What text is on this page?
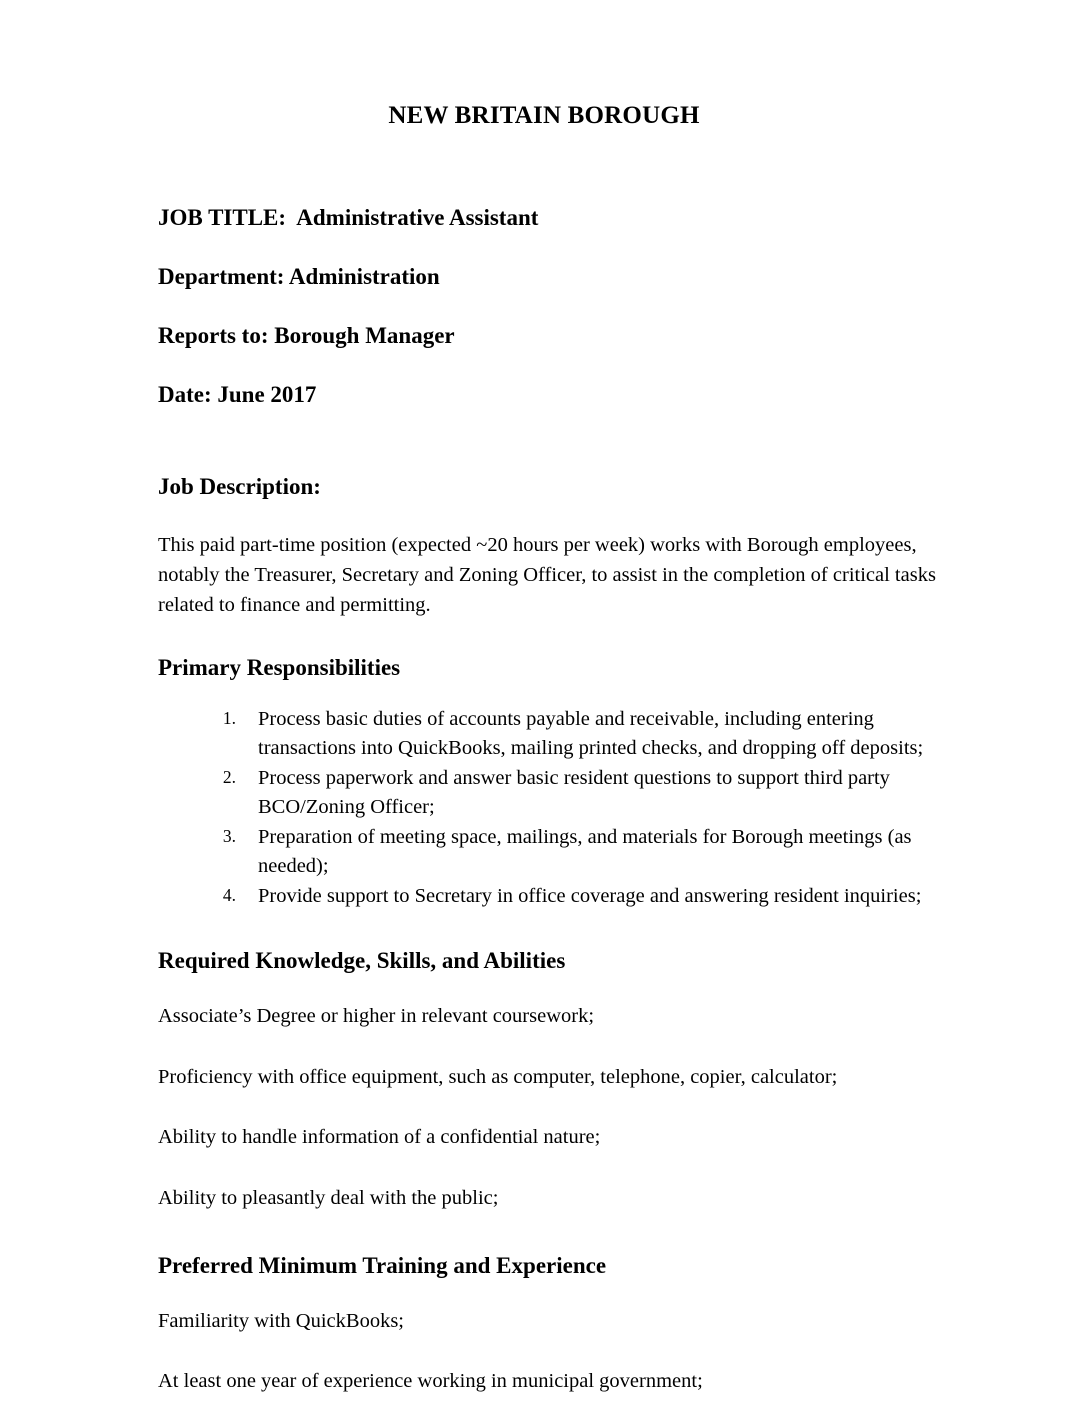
NEW BRITAIN BOROUGH

JOB TITLE:  Administrative Assistant

Department: Administration

Reports to: Borough Manager

Date: June 2017

Job Description:

This paid part-time position (expected ~20 hours per week) works with Borough employees, notably the Treasurer, Secretary and Zoning Officer, to assist in the completion of critical tasks related to finance and permitting.

Primary Responsibilities
Process basic duties of accounts payable and receivable, including entering transactions into QuickBooks, mailing printed checks, and dropping off deposits;
Process paperwork and answer basic resident questions to support third party BCO/Zoning Officer;
Preparation of meeting space, mailings, and materials for Borough meetings (as needed);
Provide support to Secretary in office coverage and answering resident inquiries;
Required Knowledge, Skills, and Abilities

Associate’s Degree or higher in relevant coursework;

Proficiency with office equipment, such as computer, telephone, copier, calculator;

Ability to handle information of a confidential nature;

Ability to pleasantly deal with the public;

Preferred Minimum Training and Experience

Familiarity with QuickBooks;

At least one year of experience working in municipal government;
